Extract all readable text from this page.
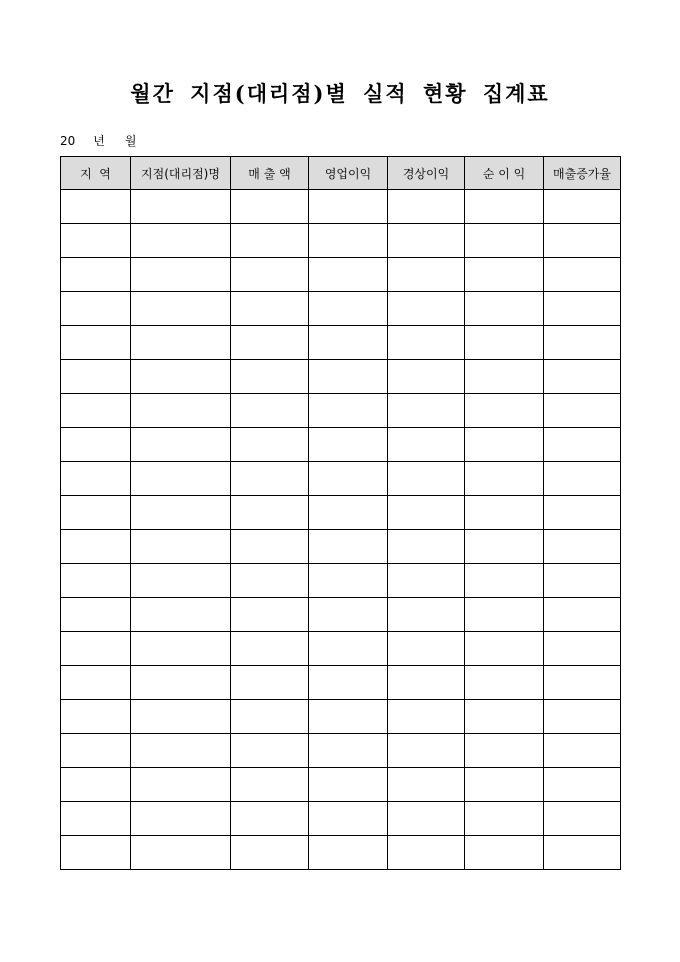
월간 지점(대리점)별 실적 현황 집계표
20 년 월
지  역	지점(대리점)명	매 출 액	영업이익	경상이익	순 이 익	매출증가율
